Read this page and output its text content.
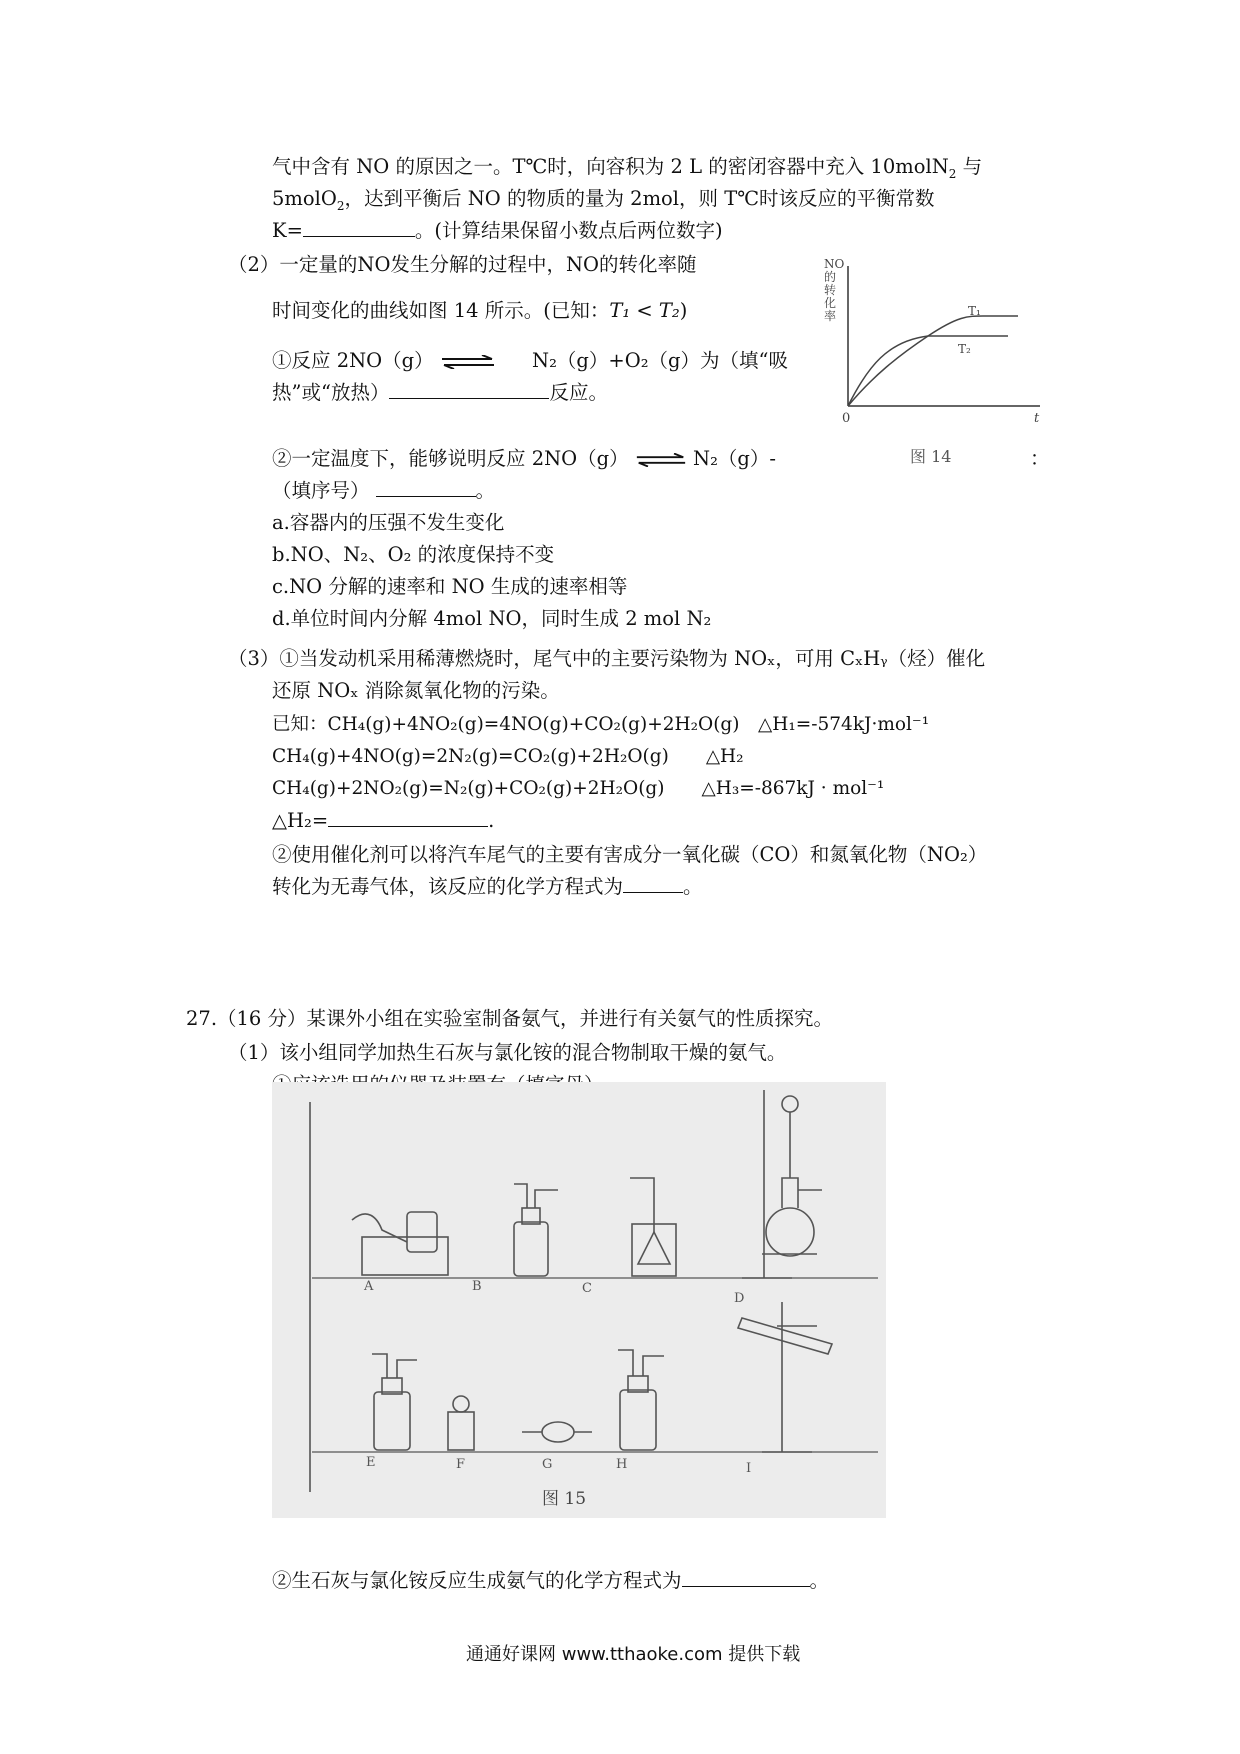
气中含有 NO 的原因之一。T℃时，向容积为 2 L 的密闭容器中充入 10molN$_2$ 与
5molO$_2$，达到平衡后 NO 的物质的量为 2mol，则 T℃时该反应的平衡常数
K=	。(计算结果保留小数点后两位数字)
（2）一定量的NO发生分解的过程中，NO的转化率随
时间变化的曲线如图 14 所示。(已知：T₁ < T₂)
①反应 2NO（g） ⇌ N₂（g）+O₂（g）为（填“吸
热”或“放热）	反应。
②一定温度下，能够说明反应 2NO（g） ⇌ N₂（g）-	：
（填序号）	。
a.容器内的压强不发生变化
b.NO、N₂、O₂ 的浓度保持不变
c.NO 分解的速率和 NO 生成的速率相等
d.单位时间内分解 4mol NO，同时生成 2 mol N₂
NO的转化率	T₁
T₂
0	t
图 14
（3）①当发动机采用稀薄燃烧时，尾气中的主要污染物为 NOₓ，可用 CₓHᵧ（烃）催化
还原 NOₓ 消除氮氧化物的污染。
已知：CH₄(g)+4NO₂(g)=4NO(g)+CO₂(g)+2H₂O(g)　△H₁=-574kJ·mol⁻¹
CH₄(g)+4NO(g)=2N₂(g)=CO₂(g)+2H₂O(g)　　△H₂
CH₄(g)+2NO₂(g)=N₂(g)+CO₂(g)+2H₂O(g)　　△H₃=-867kJ · mol⁻¹
△H₂=	.
②使用催化剂可以将汽车尾气的主要有害成分一氧化碳（CO）和氮氧化物（NO₂）
转化为无毒气体，该反应的化学方程式为	。
27.（16 分）某课外小组在实验室制备氨气，并进行有关氨气的性质探究。
（1）该小组同学加热生石灰与氯化铵的混合物制取干燥的氨气。
A	B	C
D
E	F	G	H	I
图 15
②生石灰与氯化铵反应生成氨气的化学方程式为	。
通通好课网 www.tthaoke.com 提供下载
